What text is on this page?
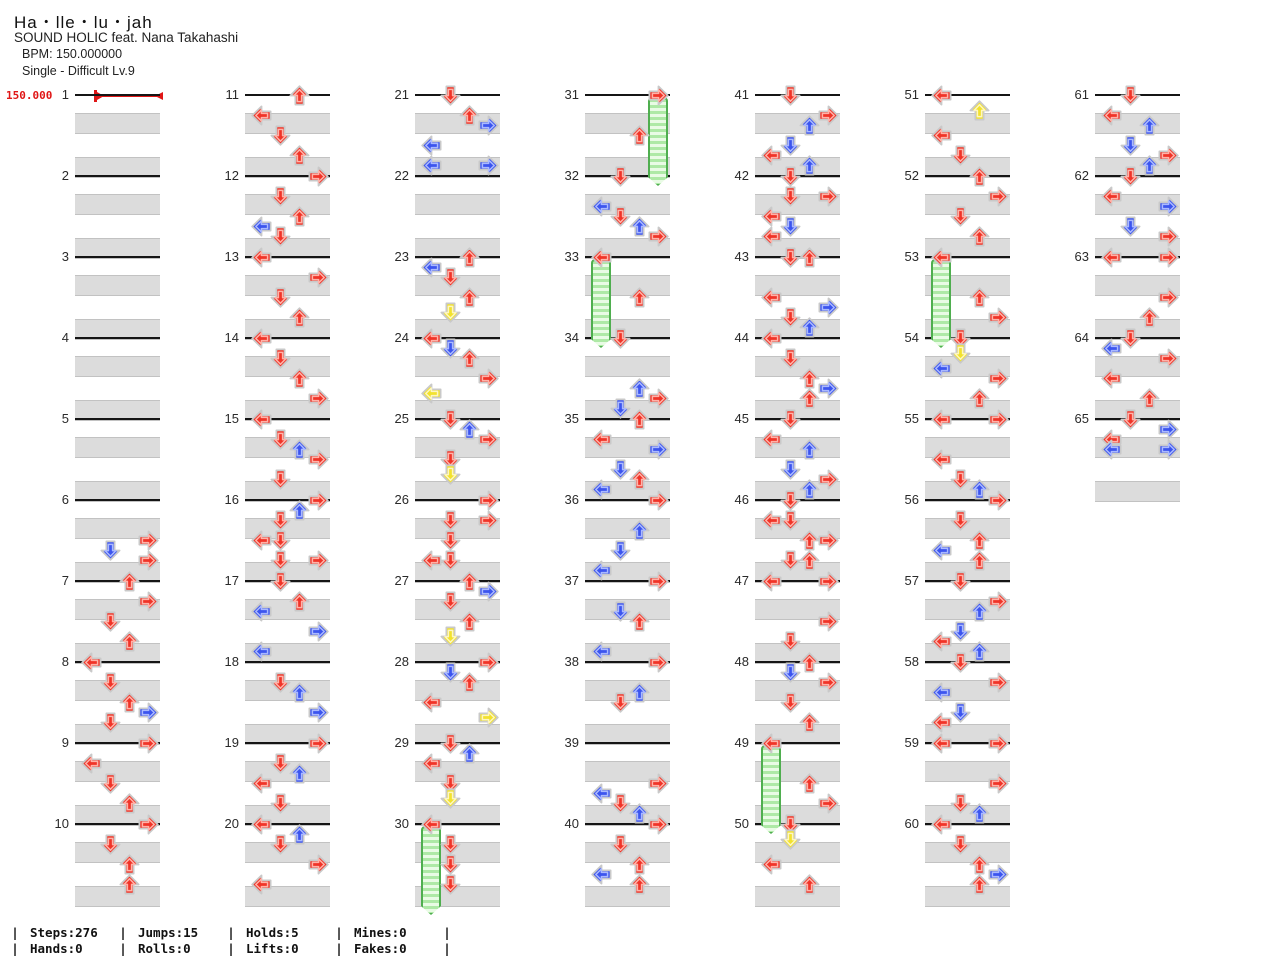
Ha・lle・lu・jah
SOUND HOLIC feat. Nana Takahashi
BPM: 150.000000
Single - Difficult Lv.9
150.000 1
2
3
4
5
6
7
8
9
10
11
12
13
14
15
16
17
18
19
20
21
22
23
24
25
26
27
28
29
30
31
32
33
34
35
36
37
38
39
40
41
42
43
44
45
46
47
48
49
50
51
52
53
54
55
56
57
58
59
60
61
62
63
64
65
| Steps:276	| Jumps:15	| Holds:5	| Mines:0	|
| Hands:0	| Rolls:0	| Lifts:0	| Fakes:0	|
